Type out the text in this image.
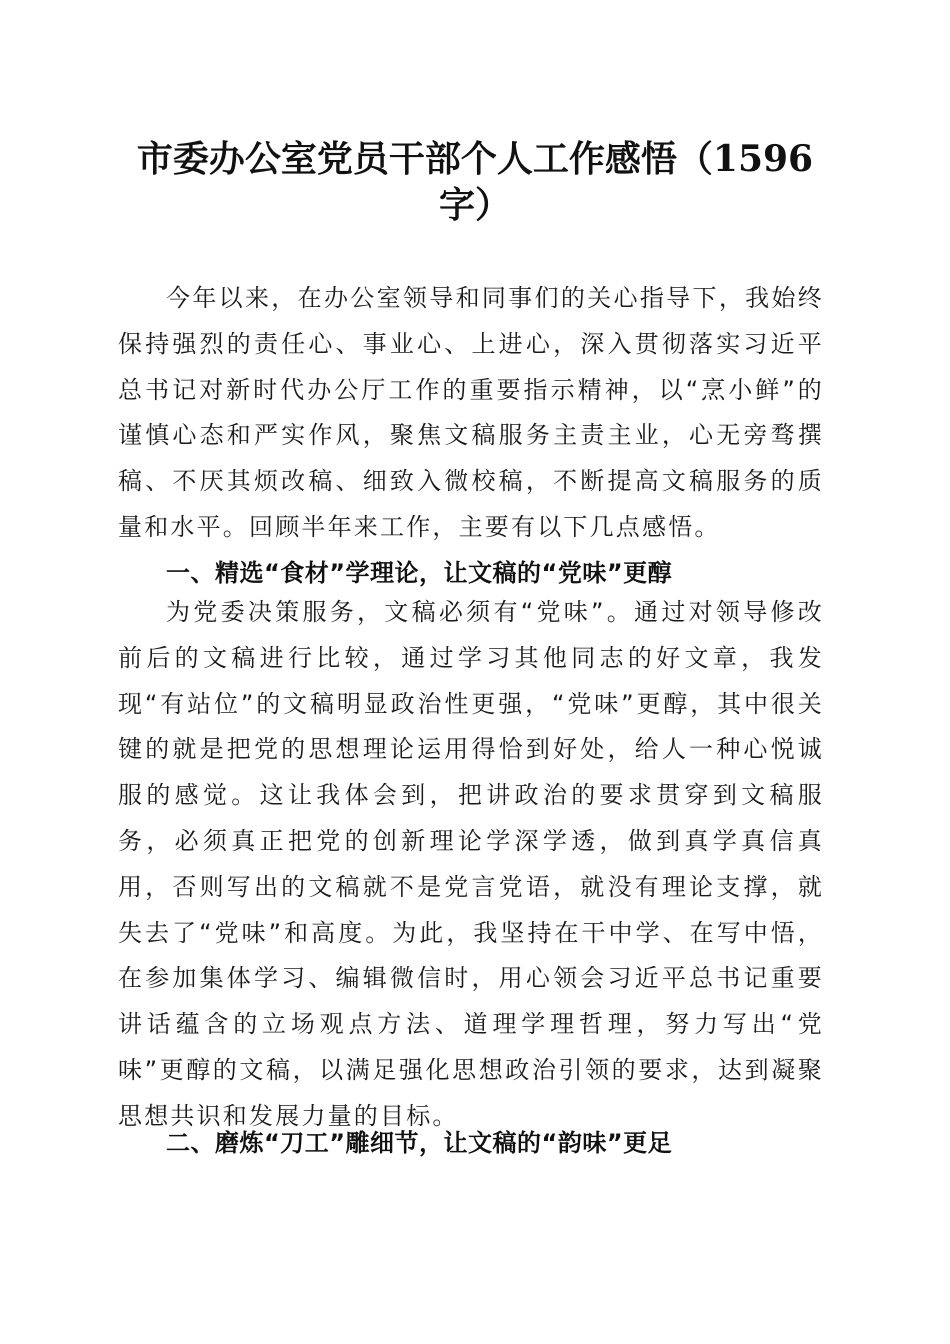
市委办公室党员干部个人工作感悟（1596字）

今年以来，在办公室领导和同事们的关心指导下，我始终保持强烈的责任心、事业心、上进心，深入贯彻落实习近平总书记对新时代办公厅工作的重要指示精神，以“烹小鲜”的谨慎心态和严实作风，聚焦文稿服务主责主业，心无旁骛撰稿、不厌其烦改稿、细致入微校稿，不断提高文稿服务的质量和水平。回顾半年来工作，主要有以下几点感悟。

一、精选“食材”学理论，让文稿的“党味”更醇

为党委决策服务，文稿必须有“党味”。通过对领导修改前后的文稿进行比较，通过学习其他同志的好文章，我发现“有站位”的文稿明显政治性更强，“党味”更醇，其中很关键的就是把党的思想理论运用得恰到好处，给人一种心悦诚服的感觉。这让我体会到，把讲政治的要求贯穿到文稿服务，必须真正把党的创新理论学深学透，做到真学真信真用，否则写出的文稿就不是党言党语，就没有理论支撑，就失去了“党味”和高度。为此，我坚持在干中学、在写中悟，在参加集体学习、编辑微信时，用心领会习近平总书记重要讲话蕴含的立场观点方法、道理学理哲理，努力写出“党味”更醇的文稿，以满足强化思想政治引领的要求，达到凝聚思想共识和发展力量的目标。

二、磨炼“刀工”雕细节，让文稿的“韵味”更足
